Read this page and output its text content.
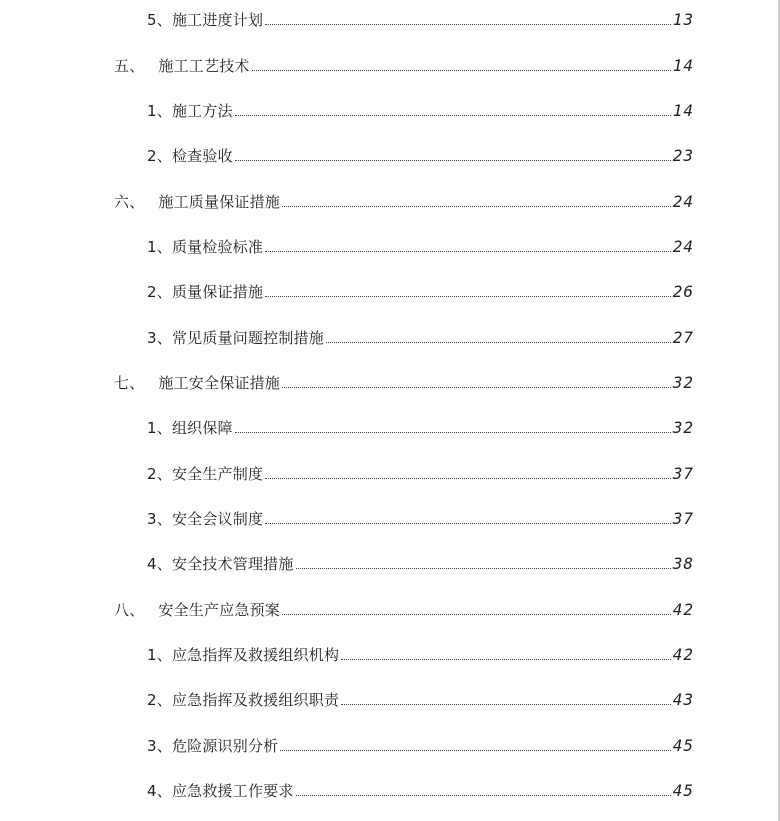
5、施工进度计划	13
五、 施工工艺技术	14
1、施工方法	14
2、检查验收	23
六、 施工质量保证措施	24
1、质量检验标准	24
2、质量保证措施	26
3、常见质量问题控制措施	27
七、 施工安全保证措施	32
1、组织保障	32
2、安全生产制度	37
3、安全会议制度	37
4、安全技术管理措施	38
八、 安全生产应急预案	42
1、应急指挥及救援组织机构	42
2、应急指挥及救援组织职责	43
3、危险源识别分析	45
4、应急救援工作要求	45
